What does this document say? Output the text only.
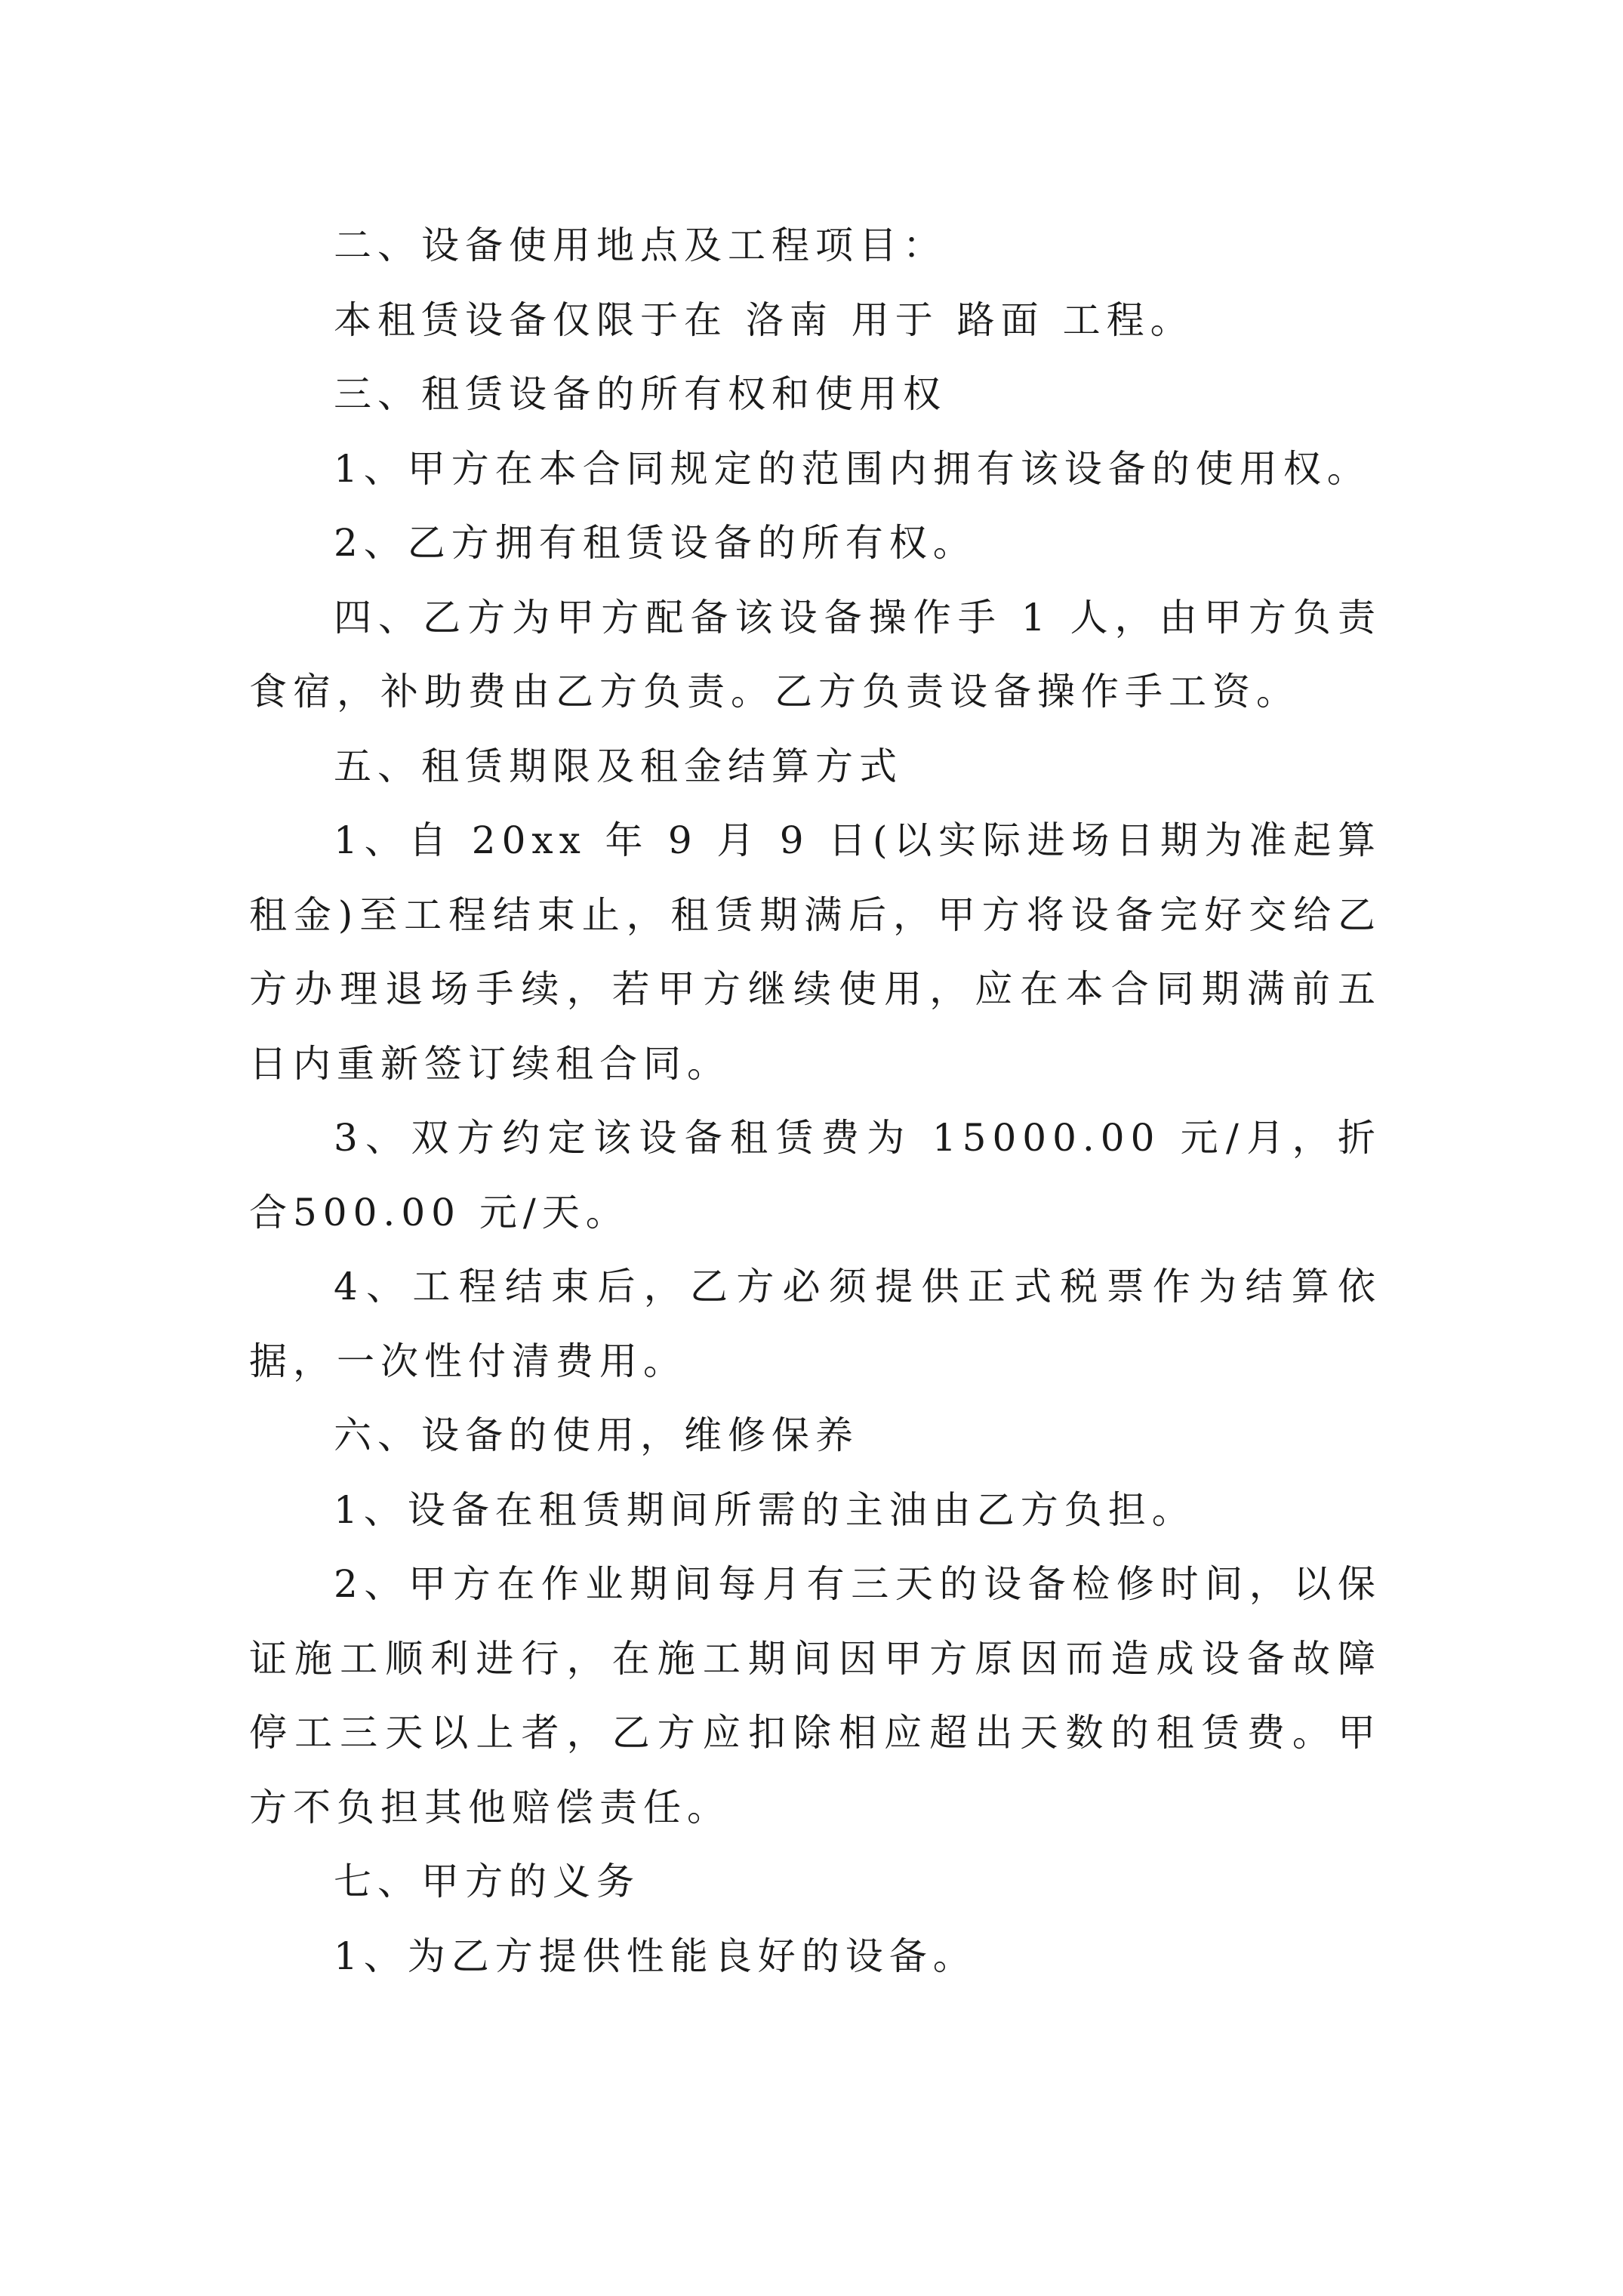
二、设备使用地点及工程项目：

本租赁设备仅限于在 洛南 用于 路面 工程。

三、租赁设备的所有权和使用权

1、甲方在本合同规定的范围内拥有该设备的使用权。

2、乙方拥有租赁设备的所有权。

四、乙方为甲方配备该设备操作手 1 人，由甲方负责食宿，补助费由乙方负责。乙方负责设备操作手工资。

五、租赁期限及租金结算方式

1、自 20xx 年 9 月 9 日(以实际进场日期为准起算租金)至工程结束止，租赁期满后，甲方将设备完好交给乙方办理退场手续，若甲方继续使用，应在本合同期满前五日内重新签订续租合同。

3、双方约定该设备租赁费为 15000.00 元/月，折合500.00 元/天。

4、工程结束后，乙方必须提供正式税票作为结算依据，一次性付清费用。

六、设备的使用，维修保养

1、设备在租赁期间所需的主油由乙方负担。

2、甲方在作业期间每月有三天的设备检修时间，以保证施工顺利进行，在施工期间因甲方原因而造成设备故障停工三天以上者，乙方应扣除相应超出天数的租赁费。甲方不负担其他赔偿责任。

七、甲方的义务

1、为乙方提供性能良好的设备。
